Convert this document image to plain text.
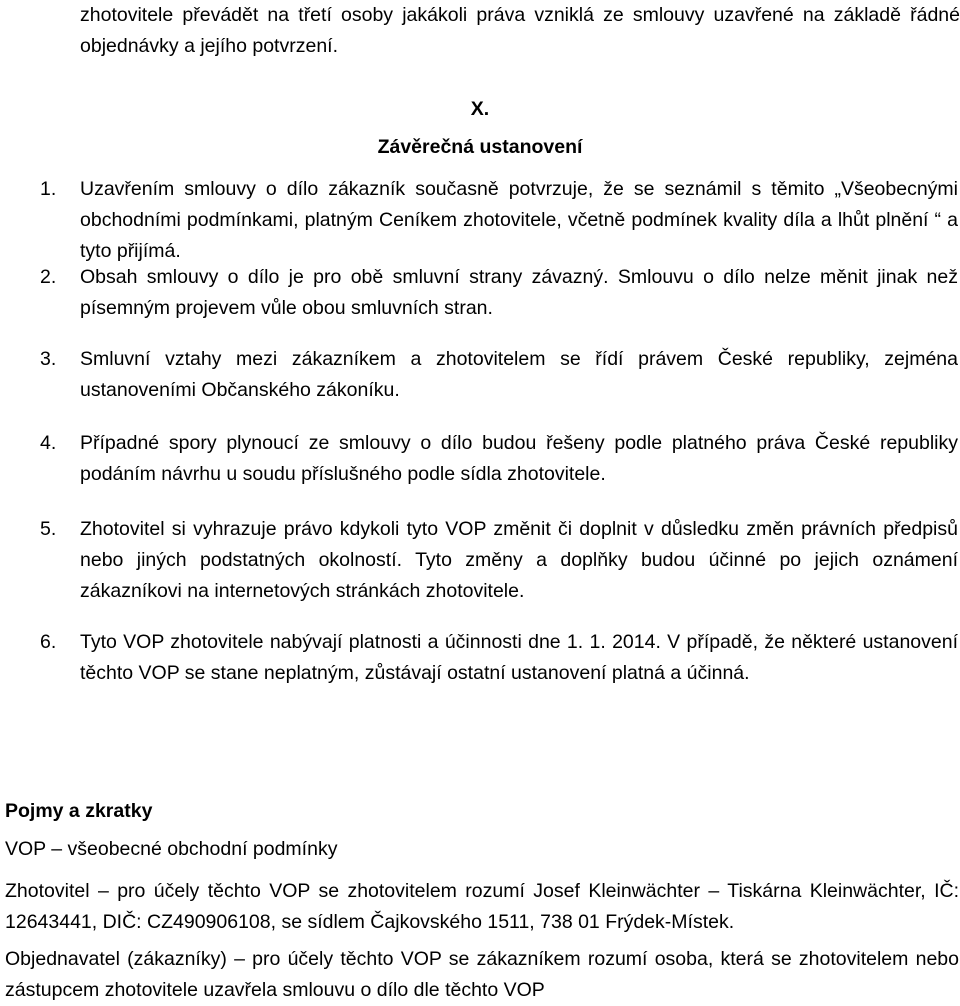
zhotovitele převádět na třetí osoby jakákoli práva vzniklá ze smlouvy uzavřené na základě řádné objednávky a jejího potvrzení.

X.
Závěrečná ustanovení
1.	Uzavřením smlouvy o dílo zákazník současně potvrzuje, že se seznámil s těmito „Všeobecnými obchodními podmínkami, platným Ceníkem zhotovitele, včetně podmínek kvality díla a lhůt plnění “ a tyto přijímá.
2.	Obsah smlouvy o dílo je pro obě smluvní strany závazný. Smlouvu o dílo nelze měnit jinak než písemným projevem vůle obou smluvních stran.
3.	Smluvní vztahy mezi zákazníkem a zhotovitelem se řídí právem České republiky, zejména ustanoveními Občanského zákoníku.
4.	Případné spory plynoucí ze smlouvy o dílo budou řešeny podle platného práva České republiky podáním návrhu u soudu příslušného podle sídla zhotovitele.
5.	Zhotovitel si vyhrazuje právo kdykoli tyto VOP změnit či doplnit v důsledku změn právních předpisů nebo jiných podstatných okolností. Tyto změny a doplňky budou účinné po jejich oznámení zákazníkovi na internetových stránkách zhotovitele.
6.	Tyto VOP zhotovitele nabývají platnosti a účinnosti dne 1. 1. 2014. V případě, že některé ustanovení těchto VOP se stane neplatným, zůstávají ostatní ustanovení platná a účinná.
Pojmy a zkratky

VOP – všeobecné obchodní podmínky

Zhotovitel – pro účely těchto VOP se zhotovitelem rozumí Josef Kleinwächter – Tiskárna Kleinwächter, IČ: 12643441, DIČ: CZ490906108, se sídlem Čajkovského 1511, 738 01 Frýdek-Místek.

Objednavatel (zákazníky) – pro účely těchto VOP se zákazníkem rozumí osoba, která se zhotovitelem nebo zástupcem zhotovitele uzavřela smlouvu o dílo dle těchto VOP
